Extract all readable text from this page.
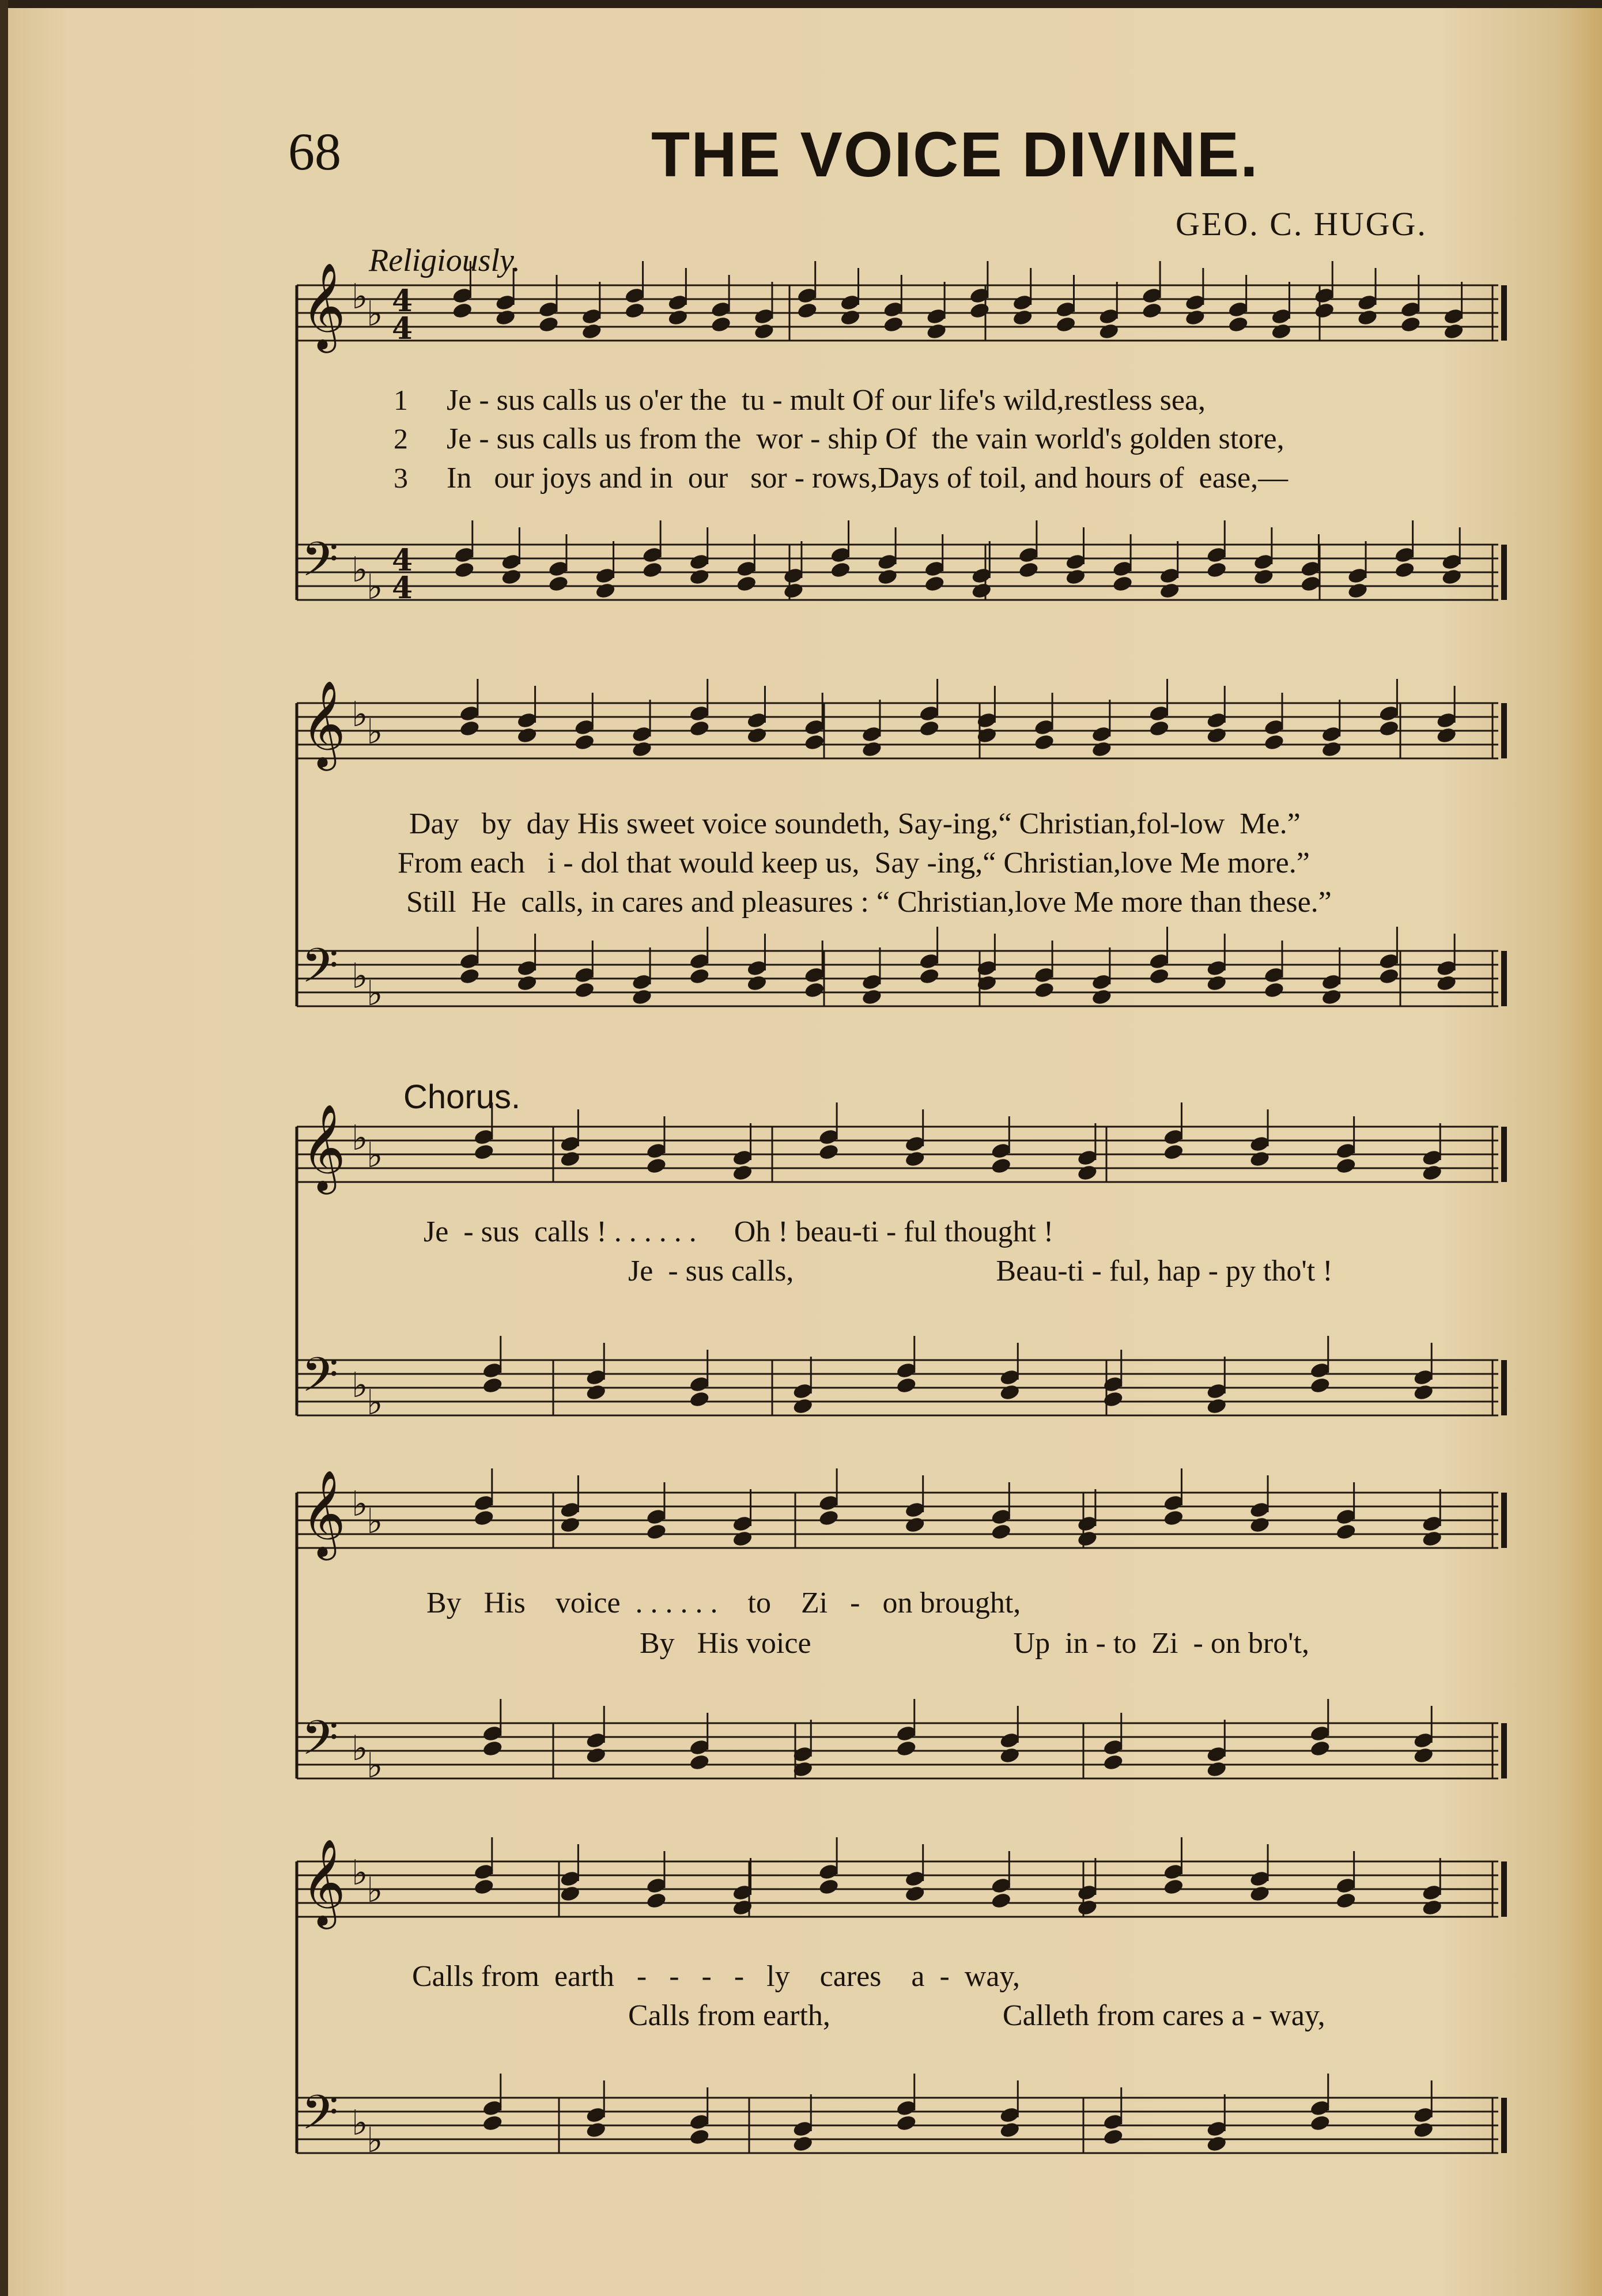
68	THE VOICE DIVINE.
GEO. C. HUGG.
Religiously.
1 Je - sus calls us o'er the  tu - mult Of our life's wild,restless sea,
2 Je - sus calls us from the  wor - ship Of  the vain world's golden store,
3 In   our joys and in  our   sor - rows,Days of toil, and hours of  ease,—
Day   by  day His sweet voice soundeth, Say-ing,“ Christian,fol-low  Me.”
From each   i - dol that would keep us,  Say -ing,“ Christian,love Me more.”
Still  He  calls, in cares and pleasures : “ Christian,love Me more than these.”
Chorus.
Je  - sus  calls ! . . . . . .     Oh ! beau-ti - ful thought !
Je  - sus calls,                           Beau-ti - ful, hap - py tho't !
By   His    voice  . . . . . .    to    Zi   -   on brought,
By   His voice                           Up  in - to  Zi  - on bro't,
Calls from  earth   -   -   -   -   ly    cares    a  -  way,
Calls from earth,                       Calleth from cares a - way,
𝄞
𝄢
♭
♭
♭
♭
4
4
4
4
𝄞
𝄢
♭
♭
♭
♭
𝄞
𝄢
♭
♭
♭
♭
𝄞
𝄢
♭
♭
♭
♭
𝄞
𝄢
♭
♭
♭
♭
